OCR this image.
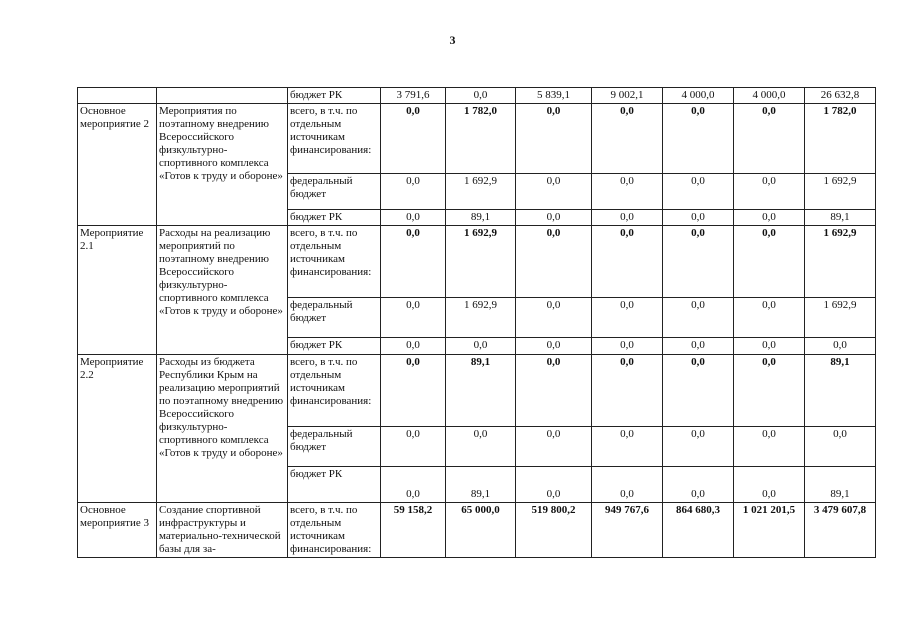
3
		бюджет РК	3 791,6	0,0	5 839,1	9 002,1	4 000,0	4 000,0	26 632,8
Основное мероприятие 2	Мероприятия по поэтапному внедрению Всероссийского физкультурно-спортивного комплекса «Готов к труду и обороне»	всего, в т.ч. по отдельным источникам финансирования:	0,0	1 782,0	0,0	0,0	0,0	0,0	1 782,0
		федеральный бюджет	0,0	1 692,9	0,0	0,0	0,0	0,0	1 692,9
		бюджет РК	0,0	89,1	0,0	0,0	0,0	0,0	89,1
Мероприятие 2.1	Расходы на реализацию мероприятий по поэтапному внедрению Всероссийского физкультурно-спортивного комплекса «Готов к труду и обороне»	всего, в т.ч. по отдельным источникам финансирования:	0,0	1 692,9	0,0	0,0	0,0	0,0	1 692,9
		федеральный бюджет	0,0	1 692,9	0,0	0,0	0,0	0,0	1 692,9
		бюджет РК	0,0	0,0	0,0	0,0	0,0	0,0	0,0
Мероприятие 2.2	Расходы из бюджета Республики Крым на реализацию мероприятий по поэтапному внедрению Всероссийского физкультурно-спортивного комплекса «Готов к труду и обороне»	всего, в т.ч. по отдельным источникам финансирования:	0,0	89,1	0,0	0,0	0,0	0,0	89,1
		федеральный бюджет	0,0	0,0	0,0	0,0	0,0	0,0	0,0
		бюджет РК	0,0	89,1	0,0	0,0	0,0	0,0	89,1
Основное мероприятие 3	Создание спортивной инфраструктуры и материально-технической базы для за-	всего, в т.ч. по отдельным источникам финансирования:	59 158,2	65 000,0	519 800,2	949 767,6	864 680,3	1 021 201,5	3 479 607,8
